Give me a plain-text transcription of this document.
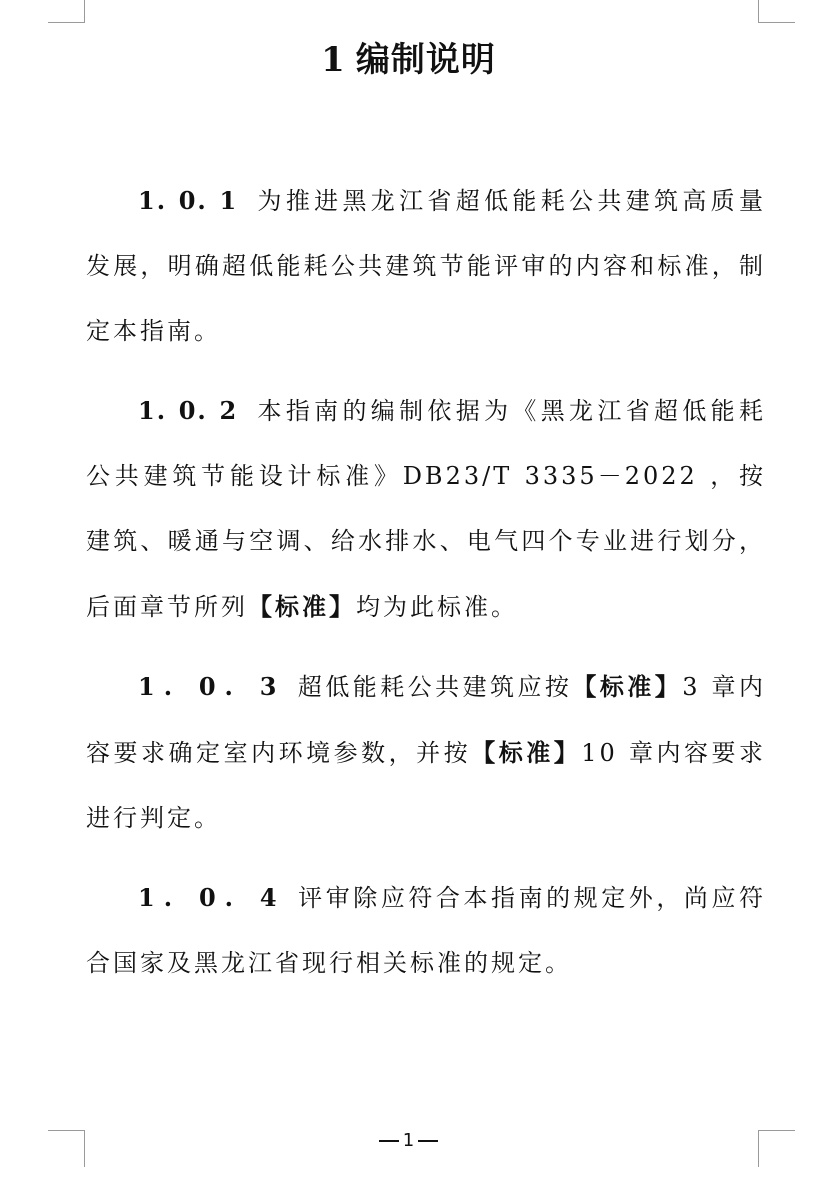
1 编制说明

1. 0. 1 为推进黑龙江省超低能耗公共建筑高质量发展，明确超低能耗公共建筑节能评审的内容和标准，制定本指南。

1. 0. 2 本指南的编制依据为《黑龙江省超低能耗公共建筑节能设计标准》DB23/T 3335－2022 ，按建筑、暖通与空调、给水排水、电气四个专业进行划分，后面章节所列【标准】均为此标准。

1. 0. 3 超低能耗公共建筑应按【标准】3 章内容要求确定室内环境参数，并按【标准】10 章内容要求进行判定。

1. 0. 4 评审除应符合本指南的规定外，尚应符合国家及黑龙江省现行相关标准的规定。

1
